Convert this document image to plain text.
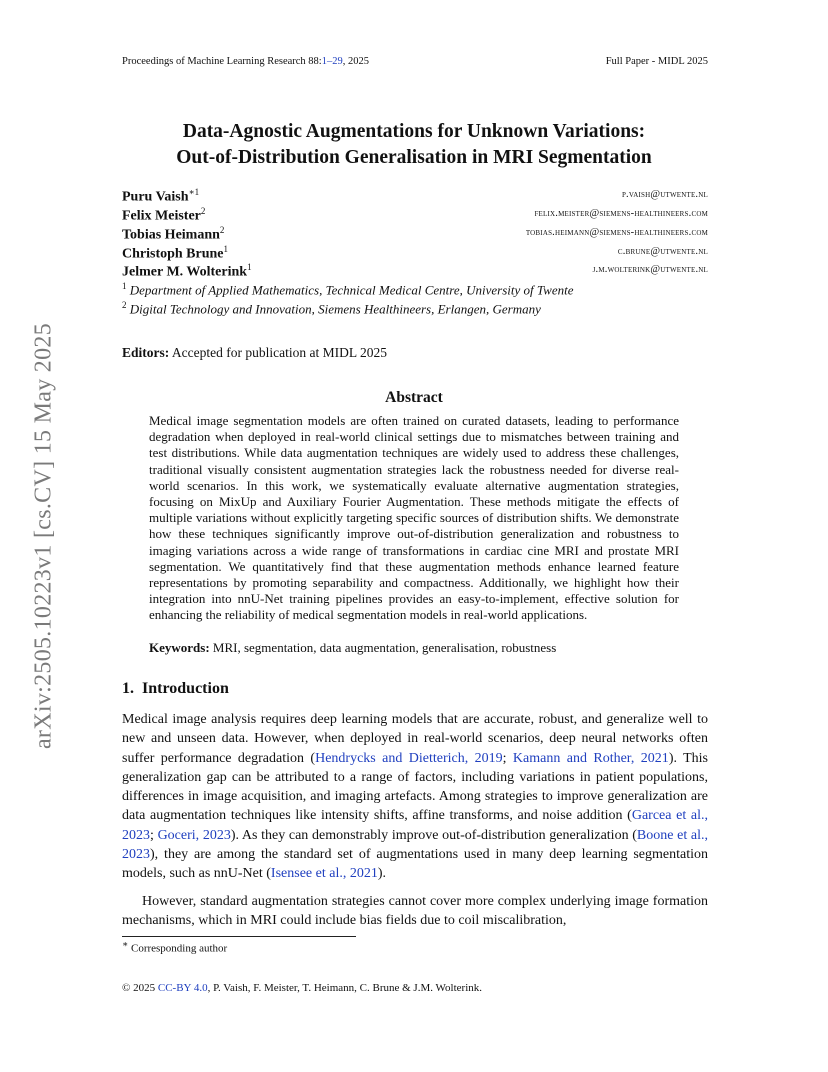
Proceedings of Machine Learning Research 88:1–29, 2025	Full Paper - MIDL 2025
arXiv:2505.10223v1 [cs.CV] 15 May 2025
Data-Agnostic Augmentations for Unknown Variations:
Out-of-Distribution Generalisation in MRI Segmentation
Puru Vaish$^{∗1}$	p.vaish@utwente.nl
Felix Meister$^2$	felix.meister@siemens-healthineers.com
Tobias Heimann$^2$	tobias.heimann@siemens-healthineers.com
Christoph Brune$^1$	c.brune@utwente.nl
Jelmer M. Wolterink$^1$	j.m.wolterink@utwente.nl
$^1$ Department of Applied Mathematics, Technical Medical Centre, University of Twente
$^2$ Digital Technology and Innovation, Siemens Healthineers, Erlangen, Germany
Editors: Accepted for publication at MIDL 2025
Abstract
Medical image segmentation models are often trained on curated datasets, leading to performance degradation when deployed in real-world clinical settings due to mismatches between training and test distributions. While data augmentation techniques are widely used to address these challenges, traditional visually consistent augmentation strategies lack the robustness needed for diverse real-world scenarios. In this work, we systematically evaluate alternative augmentation strategies, focusing on MixUp and Auxiliary Fourier Augmentation. These methods mitigate the effects of multiple variations without explicitly targeting specific sources of distribution shifts. We demonstrate how these techniques significantly improve out-of-distribution generalization and robustness to imaging variations across a wide range of transformations in cardiac cine MRI and prostate MRI segmentation. We quantitatively find that these augmentation methods enhance learned feature representations by promoting separability and compactness. Additionally, we highlight how their integration into nnU-Net training pipelines provides an easy-to-implement, effective solution for enhancing the reliability of medical segmentation models in real-world applications.
Keywords: MRI, segmentation, data augmentation, generalisation, robustness
1. Introduction
Medical image analysis requires deep learning models that are accurate, robust, and generalize well to new and unseen data. However, when deployed in real-world scenarios, deep neural networks often suffer performance degradation (Hendrycks and Dietterich, 2019; Kamann and Rother, 2021). This generalization gap can be attributed to a range of factors, including variations in patient populations, differences in image acquisition, and imaging artefacts. Among strategies to improve generalization are data augmentation techniques like intensity shifts, affine transforms, and noise addition (Garcea et al., 2023; Goceri, 2023). As they can demonstrably improve out-of-distribution generalization (Boone et al., 2023), they are among the standard set of augmentations used in many deep learning segmentation models, such as nnU-Net (Isensee et al., 2021).
However, standard augmentation strategies cannot cover more complex underlying image formation mechanisms, which in MRI could include bias fields due to coil miscalibration,
∗ Corresponding author
© 2025 CC-BY 4.0, P. Vaish, F. Meister, T. Heimann, C. Brune & J.M. Wolterink.
